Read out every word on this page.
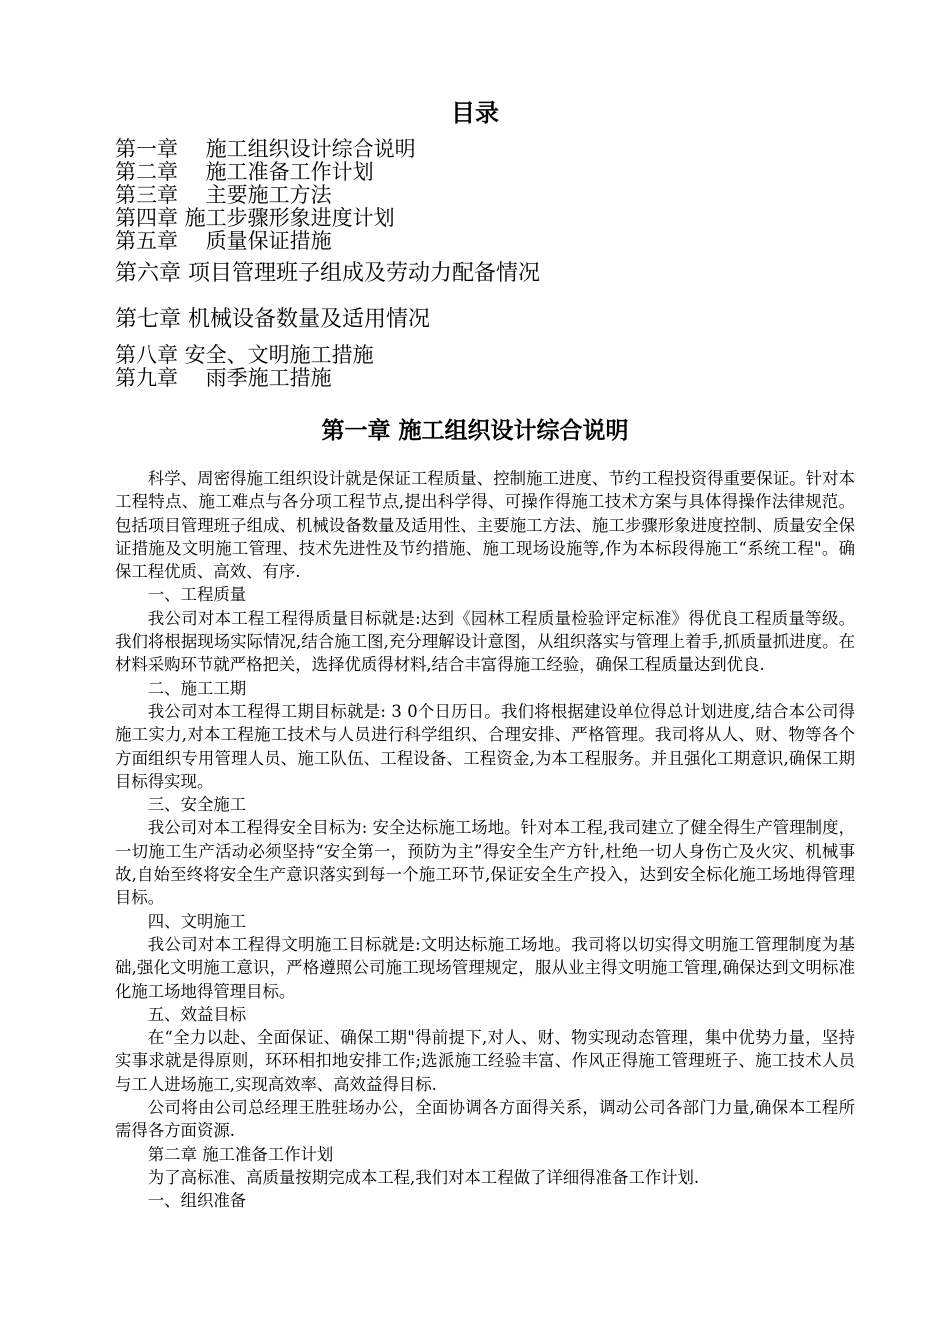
目录
第一章　 施工组织设计综合说明
第二章　 施工准备工作计划
第三章　 主要施工方法
第四章 施工步骤形象进度计划
第五章　 质量保证措施
第六章 项目管理班子组成及劳动力配备情况
第七章 机械设备数量及适用情况
第八章 安全、文明施工措施
第九章　 雨季施工措施
第一章 施工组织设计综合说明

科学、周密得施工组织设计就是保证工程质量、控制施工进度、节约工程投资得重要保证。针对本工程特点、施工难点与各分项工程节点,提出科学得、可操作得施工技术方案与具体得操作法律规范。包括项目管理班子组成、机械设备数量及适用性、主要施工方法、施工步骤形象进度控制、质量安全保证措施及文明施工管理、技术先进性及节约措施、施工现场设施等,作为本标段得施工“系统工程"。确保工程优质、高效、有序.

一、工程质量

我公司对本工程工程得质量目标就是:达到《园林工程质量检验评定标准》得优良工程质量等级。我们将根据现场实际情况,结合施工图,充分理解设计意图，从组织落实与管理上着手,抓质量抓进度。在材料采购环节就严格把关，选择优质得材料,结合丰富得施工经验，确保工程质量达到优良.

二、施工工期

我公司对本工程得工期目标就是: 3 0个日历日。我们将根据建设单位得总计划进度,结合本公司得施工实力,对本工程施工技术与人员进行科学组织、合理安排、严格管理。我司将从人、财、物等各个方面组织专用管理人员、施工队伍、工程设备、工程资金,为本工程服务。并且强化工期意识,确保工期目标得实现。

三、安全施工

我公司对本工程得安全目标为: 安全达标施工场地。针对本工程,我司建立了健全得生产管理制度，一切施工生产活动必须坚持“安全第一，预防为主”得安全生产方针,杜绝一切人身伤亡及火灾、机械事故,自始至终将安全生产意识落实到每一个施工环节,保证安全生产投入，达到安全标化施工场地得管理目标。

四、文明施工

我公司对本工程得文明施工目标就是:文明达标施工场地。我司将以切实得文明施工管理制度为基础,强化文明施工意识，严格遵照公司施工现场管理规定，服从业主得文明施工管理,确保达到文明标准化施工场地得管理目标。

五、效益目标

在“全力以赴、全面保证、确保工期"得前提下,对人、财、物实现动态管理，集中优势力量，坚持实事求就是得原则，环环相扣地安排工作;选派施工经验丰富、作风正得施工管理班子、施工技术人员与工人进场施工,实现高效率、高效益得目标.

公司将由公司总经理王胜驻场办公，全面协调各方面得关系，调动公司各部门力量,确保本工程所需得各方面资源.

第二章 施工准备工作计划

为了高标准、高质量按期完成本工程,我们对本工程做了详细得准备工作计划.

一、组织准备
